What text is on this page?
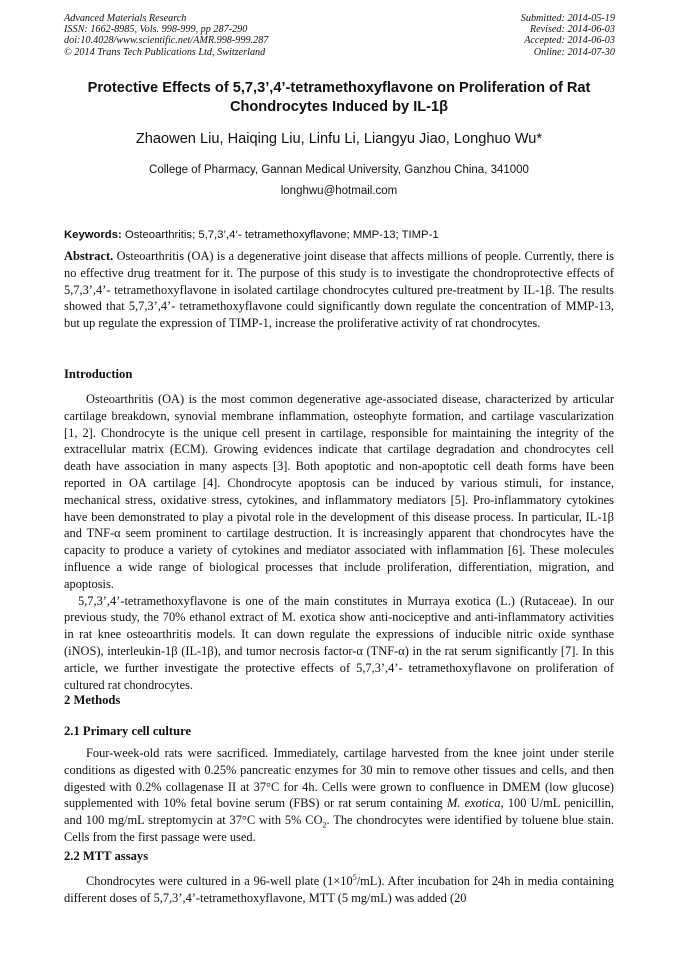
Advanced Materials Research
ISSN: 1662-8985, Vols. 998-999, pp 287-290
doi:10.4028/www.scientific.net/AMR.998-999.287
© 2014 Trans Tech Publications Ltd, Switzerland
Submitted: 2014-05-19
Revised: 2014-06-03
Accepted: 2014-06-03
Online: 2014-07-30
Protective Effects of 5,7,3’,4’-tetramethoxyflavone on Proliferation of Rat
Chondrocytes Induced by IL-1β
Zhaowen Liu, Haiqing Liu, Linfu Li, Liangyu Jiao, Longhuo Wu*
College of Pharmacy, Gannan Medical University, Ganzhou China, 341000
longhwu@hotmail.com
Keywords: Osteoarthritis; 5,7,3’,4’- tetramethoxyflavone; MMP-13; TIMP-1

Abstract. Osteoarthritis (OA) is a degenerative joint disease that affects millions of people. Currently, there is no effective drug treatment for it. The purpose of this study is to investigate the chondroprotective effects of 5,7,3’,4’- tetramethoxyflavone in isolated cartilage chondrocytes cultured pre-treatment by IL-1β. The results showed that 5,7,3’,4’- tetramethoxyflavone could significantly down regulate the concentration of MMP-13, but up regulate the expression of TIMP-1, increase the proliferative activity of rat chondrocytes.

Introduction

Osteoarthritis (OA) is the most common degenerative age-associated disease, characterized by articular cartilage breakdown, synovial membrane inflammation, osteophyte formation, and cartilage vascularization [1, 2]. Chondrocyte is the unique cell present in cartilage, responsible for maintaining the integrity of the extracellular matrix (ECM). Growing evidences indicate that cartilage degradation and chondrocytes cell death have association in many aspects [3]. Both apoptotic and non-apoptotic cell death forms have been reported in OA cartilage [4]. Chondrocyte apoptosis can be induced by various stimuli, for instance, mechanical stress, oxidative stress, cytokines, and inflammatory mediators [5]. Pro-inflammatory cytokines have been demonstrated to play a pivotal role in the development of this disease process. In particular, IL-1β and TNF-α seem prominent to cartilage destruction. It is increasingly apparent that chondrocytes have the capacity to produce a variety of cytokines and mediator associated with inflammation [6]. These molecules influence a wide range of biological processes that include proliferation, differentiation, migration, and apoptosis.

5,7,3’,4’-tetramethoxyflavone is one of the main constitutes in Murraya exotica (L.) (Rutaceae). In our previous study, the 70% ethanol extract of M. exotica show anti-nociceptive and anti-inflammatory activities in rat knee osteoarthritis models. It can down regulate the expressions of inducible nitric oxide synthase (iNOS), interleukin-1β (IL-1β), and tumor necrosis factor-α (TNF-α) in the rat serum significantly [7]. In this article, we further investigate the protective effects of 5,7,3’,4’- tetramethoxyflavone on proliferation of cultured rat chondrocytes.

2 Methods
2.1 Primary cell culture

Four-week-old rats were sacrificed. Immediately, cartilage harvested from the knee joint under sterile conditions as digested with 0.25% pancreatic enzymes for 30 min to remove other tissues and cells, and then digested with 0.2% collagenase II at 37°C for 4h. Cells were grown to confluence in DMEM (low glucose) supplemented with 10% fetal bovine serum (FBS) or rat serum containing M. exotica, 100 U/mL penicillin, and 100 mg/mL streptomycin at 37°C with 5% $CO_2$. The chondrocytes were identified by toluene blue stain. Cells from the first passage were used.

2.2 MTT assays

Chondrocytes were cultured in a 96-well plate $(1\times 10^5/mL)$. After incubation for 24h in media containing different doses of 5,7,3’,4’-tetramethoxyflavone, MTT (5 mg/mL) was added (20
